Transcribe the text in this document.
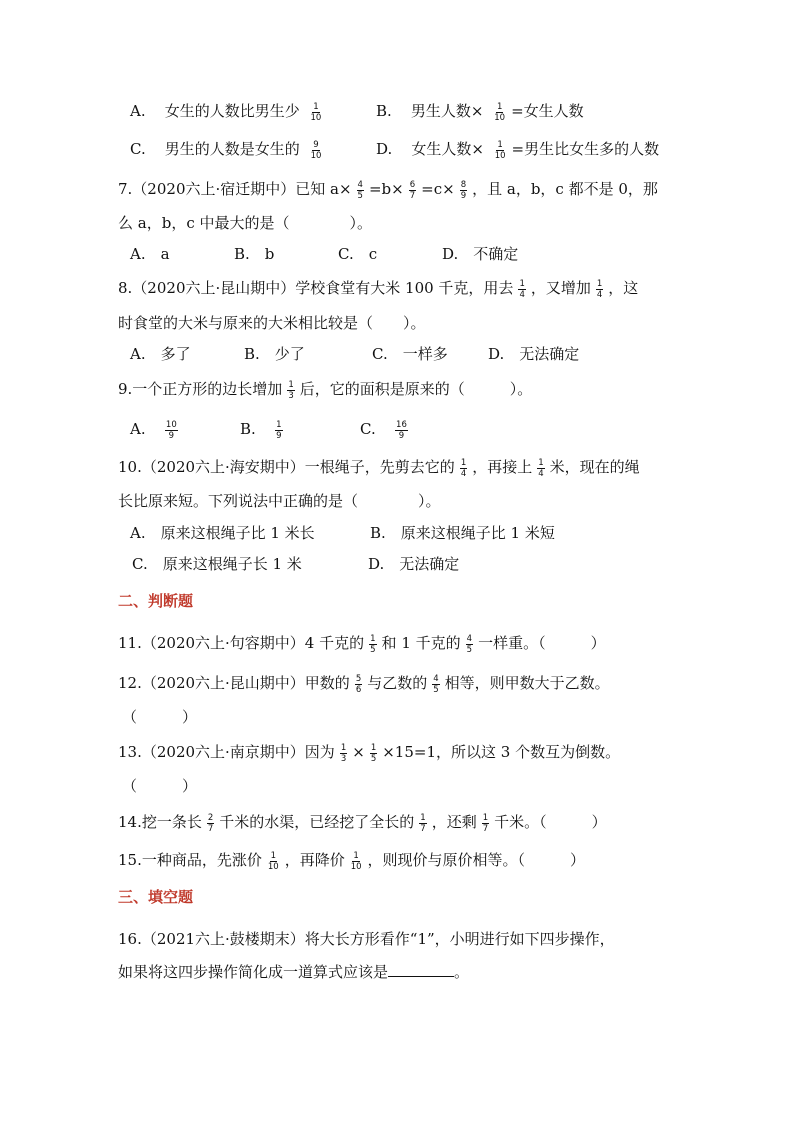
A. 女生的人数比男生少 $\frac{1}{10}$	B. 男生人数× $\frac{1}{10}$ =女生人数
C. 男生的人数是女生的 $\frac{9}{10}$	D. 女生人数× $\frac{1}{10}$ =男生比女生多的人数
7.（2020六上·宿迁期中）已知 $a\times \frac{4}{5} =b\times \frac{6}{7} =c\times \frac{8}{9}$ ，且 a，b，c 都不是 0，那
么 a，b，c 中最大的是（　　　　）。
A.　a	B.　b	C.　c	D.　不确定
8.（2020六上·昆山期中）学校食堂有大米 100 千克，用去 $\frac{1}{4}$ ，又增加 $\frac{1}{4}$ ，这
时食堂的大米与原来的大米相比较是（　　）。
A.　多了	B.　少了	C.　一样多	D.　无法确定
9.一个正方形的边长增加 $\frac{1}{3}$ 后，它的面积是原来的（　　　）。
A. $\frac{10}{9}$	B. $\frac{1}{9}$	C. $\frac{16}{9}$
10.（2020六上·海安期中）一根绳子，先剪去它的 $\frac{1}{4}$ ，再接上 $\frac{1}{4}$ 米，现在的绳
长比原来短。下列说法中正确的是（　　　　）。
A.　原来这根绳子比 1 米长	B.　原来这根绳子比 1 米短
C.　原来这根绳子长 1 米	D.　无法确定
二、判断题
11.（2020六上·句容期中）4 千克的 $\frac{1}{5}$ 和 1 千克的 $\frac{4}{5}$ 一样重。（　　　）
12.（2020六上·昆山期中）甲数的 $\frac{5}{6}$ 与乙数的 $\frac{4}{5}$ 相等，则甲数大于乙数。
（　　　）
13.（2020六上·南京期中）因为 $\frac{1}{3} \times \frac{1}{5} \times 15=1$，所以这 3 个数互为倒数。
（　　　）
14.挖一条长 $\frac{2}{7}$ 千米的水渠，已经挖了全长的 $\frac{1}{7}$ ，还剩 $\frac{1}{7}$ 千米。（　　　）
15.一种商品，先涨价 $\frac{1}{10}$ ，再降价 $\frac{1}{10}$ ，则现价与原价相等。（　　　）
三、填空题
16.（2021六上·鼓楼期末）将大长方形看作“1”，小明进行如下四步操作，
如果将这四步操作简化成一道算式应该是	。
